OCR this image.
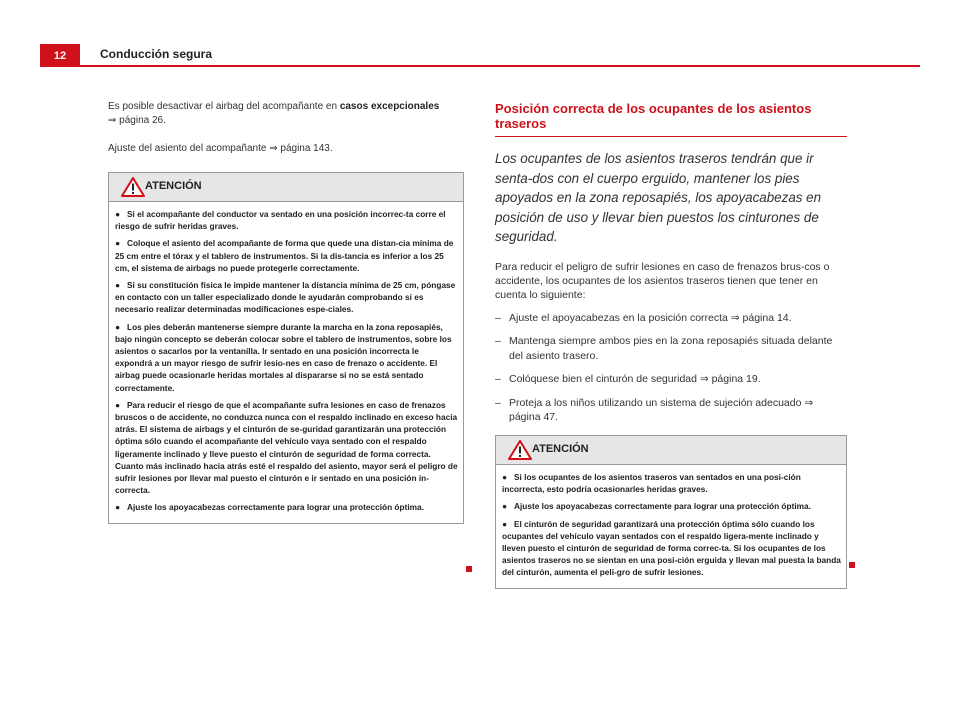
12	Conducción segura

Es posible desactivar el airbag del acompañante en casos excepcionales
⇒ página 26.

Ajuste del asiento del acompañante ⇒ página 143.

ATENCIÓN

● Si el acompañante del conductor va sentado en una posición incorrec-ta corre el riesgo de sufrir heridas graves.

● Coloque el asiento del acompañante de forma que quede una distan-cia mínima de 25 cm entre el tórax y el tablero de instrumentos. Si la dis-tancia es inferior a los 25 cm, el sistema de airbags no puede protegerle correctamente.

● Si su constitución física le impide mantener la distancia mínima de 25 cm, póngase en contacto con un taller especializado donde le ayudarán comprobando si es necesario realizar determinadas modificaciones espe-ciales.

● Los pies deberán mantenerse siempre durante la marcha en la zona reposapiés, bajo ningún concepto se deberán colocar sobre el tablero de instrumentos, sobre los asientos o sacarlos por la ventanilla. Ir sentado en una posición incorrecta le expondrá a un mayor riesgo de sufrir lesio-nes en caso de frenazo o accidente. El airbag puede ocasionarle heridas mortales al dispararse si no se está sentado correctamente.

● Para reducir el riesgo de que el acompañante sufra lesiones en caso de frenazos bruscos o de accidente, no conduzca nunca con el respaldo inclinado en exceso hacia atrás. El sistema de airbags y el cinturón de se-guridad garantizarán una protección óptima sólo cuando el acompañante del vehículo vaya sentado con el respaldo ligeramente inclinado y lleve puesto el cinturón de seguridad de forma correcta. Cuanto más inclinado hacia atrás esté el respaldo del asiento, mayor será el peligro de sufrir lesiones por llevar mal puesto el cinturón e ir sentado en una posición in-correcta.

● Ajuste los apoyacabezas correctamente para lograr una protección óptima.

Posición correcta de los ocupantes de los asientos traseros

Los ocupantes de los asientos traseros tendrán que ir senta-dos con el cuerpo erguido, mantener los pies apoyados en la zona reposapiés, los apoyacabezas en posición de uso y llevar bien puestos los cinturones de seguridad.

Para reducir el peligro de sufrir lesiones en caso de frenazos brus-cos o accidente, los ocupantes de los asientos traseros tienen que tener en cuenta lo siguiente:

– Ajuste el apoyacabezas en la posición correcta ⇒ página 14.
– Mantenga siempre ambos pies en la zona reposapiés situada delante del asiento trasero.
– Colóquese bien el cinturón de seguridad ⇒ página 19.
– Proteja a los niños utilizando un sistema de sujeción adecuado ⇒ página 47.
ATENCIÓN

● Si los ocupantes de los asientos traseros van sentados en una posi-ción incorrecta, esto podría ocasionarles heridas graves.

● Ajuste los apoyacabezas correctamente para lograr una protección óptima.

● El cinturón de seguridad garantizará una protección óptima sólo cuando los ocupantes del vehículo vayan sentados con el respaldo ligera-mente inclinado y lleven puesto el cinturón de seguridad de forma correc-ta. Si los ocupantes de los asientos traseros no se sientan en una posi-ción erguida y llevan mal puesta la banda del cinturón, aumenta el peli-gro de sufrir lesiones.
